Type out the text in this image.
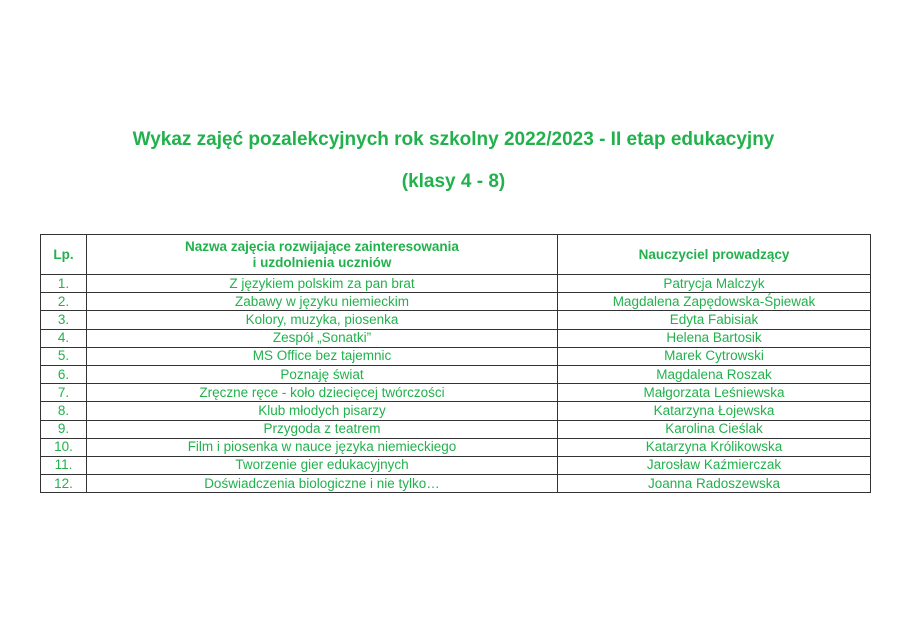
Wykaz zajęć pozalekcyjnych rok szkolny 2022/2023 - II etap edukacyjny
(klasy 4 - 8)
Lp.	Nazwa zajęcia rozwijające zainteresowania
i uzdolnienia uczniów	Nauczyciel prowadzący
1.	Z językiem polskim za pan brat	Patrycja Malczyk
2.	Zabawy w języku niemieckim	Magdalena Zapędowska-Śpiewak
3.	Kolory, muzyka, piosenka	Edyta Fabisiak
4.	Zespół „Sonatki”	Helena Bartosik
5.	MS Office bez tajemnic	Marek Cytrowski
6.	Poznaję świat	Magdalena Roszak
7.	Zręczne ręce - koło dziecięcej twórczości	Małgorzata Leśniewska
8.	Klub młodych pisarzy	Katarzyna Łojewska
9.	Przygoda z teatrem	Karolina Cieślak
10.	Film i piosenka w nauce języka niemieckiego	Katarzyna Królikowska
11.	Tworzenie gier edukacyjnych	Jarosław Kaźmierczak
12.	Doświadczenia biologiczne i nie tylko…	Joanna Radoszewska
